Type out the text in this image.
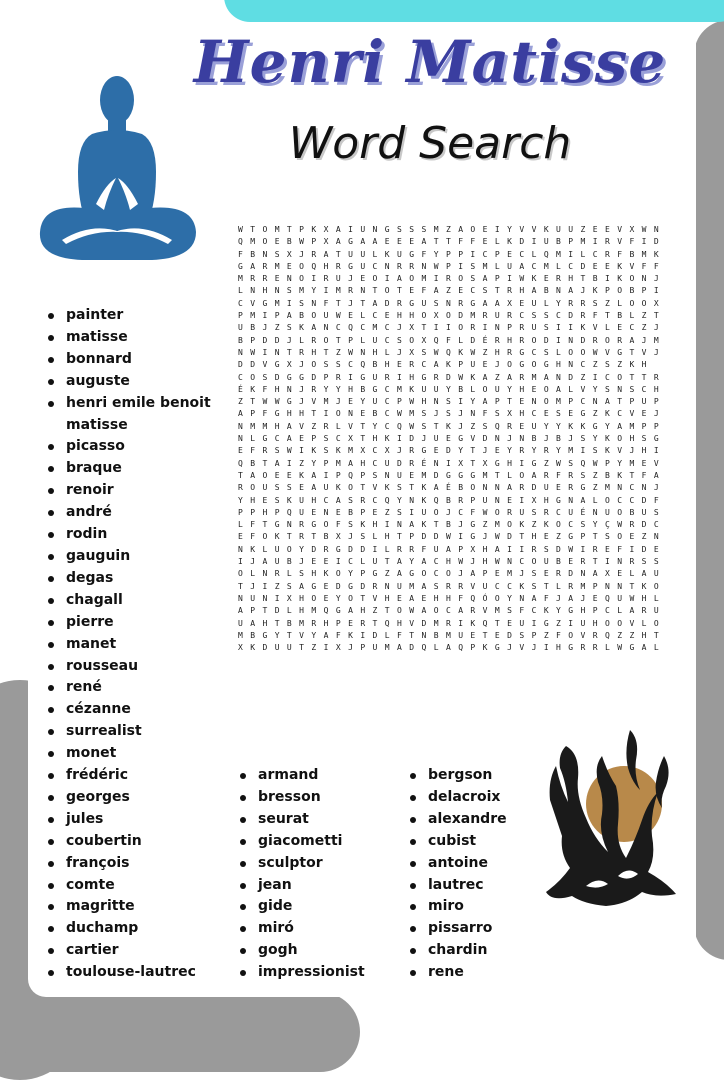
Henri Matisse
Word Search
W T O M T P K X A I U N G S S S M Z A O E I Y V V K U U Z E E V X W N
Q M O E B W P X A G A A E E E A T T F F E L K D I U B P M I R V F I D
F B N S X J R A T U U L K U G F Y P P I C P E C L Q M I L C R F B M K
G A R M E O Q H R G U C N R R N W P I S M L U A C M L C D E E K V F F
M R R E N O I R U J E O I A O M I R O S A P I W K E R H T B I K O N J
L N H N S M Y I M R N T O T E F A Z E C S T R H A B N A J K P O B P I
C V G M I S N F T J T A D R G U S N R G A A X E U L Y R R S Z L O O X
P M I P A B O U W E L C E H H O X O D M R U R C S S C D R F T B L Z T
U B J Z S K A N C Q C M C J X T I I O R I N P R U S I I K V L E C Z J
B P D D J L R O T P L U C S O X Q F L D É R H R O D I N D R O R A J M
N W I N T R H T Z W N H L J X S W Q K W Z H R G C S L O O W V G T V J
D D V G X J O S S C Q B H E R C A K P U E J O G O G H N C Z S Z K H
C O S D G G D P R I G U R I H G R D W K A Z A R M A N D Z I C O T T R
É K F H N J R Y Y H B G C M K U U Y B L O U Y H E O A L V Y S N S C H
Z T W W G J V M J E Y U C P W H N S I Y A P T E N O M P C N A T P U P
A P F G H H T I O N E B C W M S J S J N F S X H C E S E G Z K C V E J
N M M H A V Z R L V T Y C Q W S T K J Z S Q R E U Y Y K K G Y A M P P
N L G C A E P S C X T H K I D J U E G V D N J N B J B J S Y K O H S G
E F R S W I K S K M X C X J R G E D Y T J E Y R Y R Y M I S K V J H I
Q B T A I Z Y P M A H C U D R É N I X T X G H I G Z W S Q W P Y M E V
T A O E E K A I P Q P S N U E M D G G G M T L O A R F R S Z B K T F A
R O U S S E A U K O T V K S T K A É B O N N A R D U E R G Z M N C N J
Y H E S K U H C A S R C Q Y N K Q B R P U N E I X H G N A L O C C D F
P P H P Q U E N E B P E Z S I U O J C F W O R U S R C U É N U O B U S
L F T G N R G O F S K H I N A K T B J G Z M O K Z K O C S Y Ç W R D C
E F O K T R T B X J S L H T P D D W I G J W D T H E Z G P T S O E Z N
N K L U O Y D R G D D I L R R F U A P X H A I I R S D W I R E F I D E
I J A U B J E E I C L U T A Y A C H W J H W N C O U B E R T I N R S S
O L N R L S H K O Y P G Z A G O C O J A P E M J S E R D N A X E L A U
T J I Z S A G E D G D R N U M A S R R V U C C K S T L R M P N N T K O
N U N I X H O E Y O T V H E A E H H F Q Ó O Y N A F J A J E Q U W H L
A P T D L H M Q G A H Z T O W A O C A R V M S F C K Y G H P C L A R U
U A H T B M R H P E R T Q H V D M R I K Q T E U I G Z I U H O O V L O
M B G Y T V Y A F K I D L F T N B M U E T E D S P Z F O V R Q Z Z H T
X K D U U T Z I X J P U M A D Q L A Q P K G J V J I H G R R L W G A L
painter
matisse
bonnard
auguste
henri emile benoit matisse
picasso
braque
renoir
andré
rodin
gauguin
degas
chagall
pierre
manet
rousseau
rené
cézanne
surrealist
monet
frédéric
georges
jules
coubertin
françois
comte
magritte
duchamp
cartier
toulouse-lautrec
armand
bresson
seurat
giacometti
sculptor
jean
gide
miró
gogh
impressionist
bergson
delacroix
alexandre
cubist
antoine
lautrec
miro
pissarro
chardin
rene
